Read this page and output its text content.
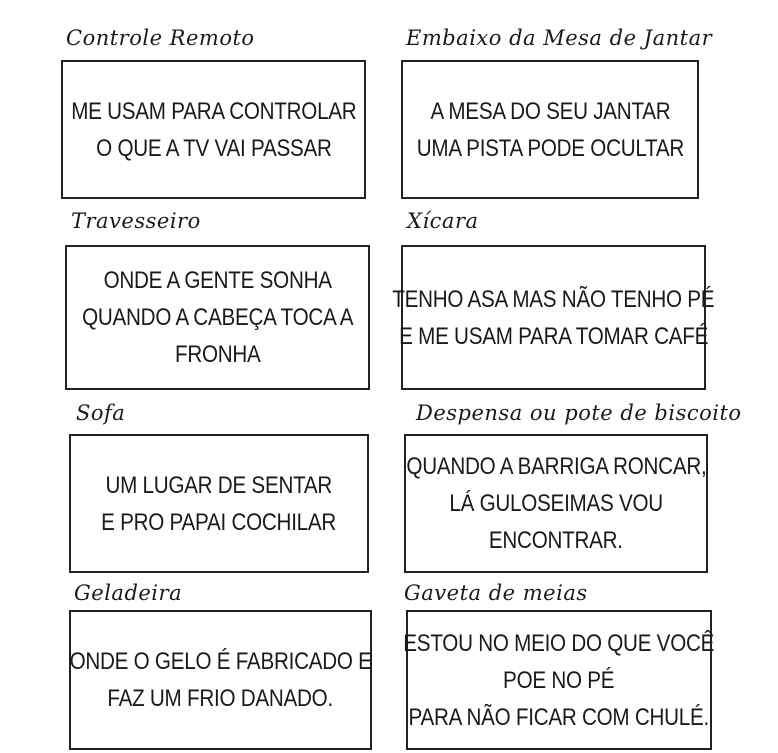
Controle Remoto
ME USAM PARA CONTROLAR
O QUE A TV VAI PASSAR
Embaixo da Mesa de Jantar
A MESA DO SEU JANTAR
UMA PISTA PODE OCULTAR
Travesseiro
ONDE A GENTE SONHA
QUANDO A CABEÇA TOCA A
FRONHA
Xícara
TENHO ASA MAS NÃO TENHO PÉ
E ME USAM PARA TOMAR CAFÉ
Sofa
UM LUGAR DE SENTAR
E PRO PAPAI COCHILAR
Despensa ou pote de biscoito
QUANDO A BARRIGA RONCAR,
LÁ GULOSEIMAS VOU
ENCONTRAR.
Geladeira
ONDE O GELO É FABRICADO E
FAZ UM FRIO DANADO.
Gaveta de meias
ESTOU NO MEIO DO QUE VOCÊ
POE NO PÉ
PARA NÃO FICAR COM CHULÉ.
